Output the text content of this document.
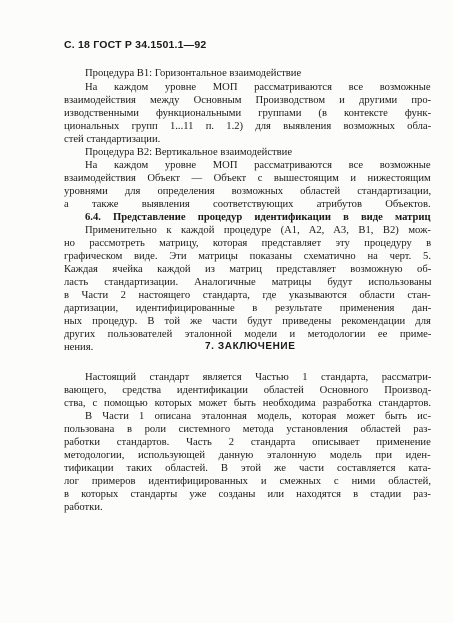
С. 18 ГОСТ Р 34.1501.1—92
Процедура B1: Горизонтальное взаимодействие
На каждом уровне МОП рассматриваются все возможные
взаимодействия между Основным Производством и другими про-
изводственными функциональными группами (в контексте функ-
циональных групп 1...11 п. 1.2) для выявления возможных обла-
стей стандартизации.
Процедура B2: Вертикальное взаимодействие
На каждом уровне МОП рассматриваются все возможные
взаимодействия Объект — Объект с вышестоящим и нижестоящим
уровнями для определения возможных областей стандартизации,
а также выявления соответствующих атрибутов Объектов.
6.4. Представление процедур идентификации в виде матриц
Применительно к каждой процедуре (A1, A2, A3, B1, B2) мож-
но рассмотреть матрицу, которая представляет эту процедуру в
графическом виде. Эти матрицы показаны схематично на черт. 5.
Каждая ячейка каждой из матриц представляет возможную об-
ласть стандартизации. Аналогичные матрицы будут использованы
в Части 2 настоящего стандарта, где указываются области стан-
дартизации, идентифицированные в результате применения дан-
ных процедур. В той же части будут приведены рекомендации для
других пользователей эталонной модели и методологии ее приме-
нения.	7. ЗАКЛЮЧЕНИЕ
Настоящий стандарт является Частью 1 стандарта, рассматри-
вающего, средства идентификации областей Основного Производ-
ства, с помощью которых может быть необходима разработка стандартов.
В Части 1 описана эталонная модель, которая может быть ис-
пользована в роли системного метода установления областей раз-
работки стандартов. Часть 2 стандарта описывает применение
методологии, использующей данную эталонную модель при иден-
тификации таких областей. В этой же части составляется ката-
лог примеров идентифицированных и смежных с ними областей,
в которых стандарты уже созданы или находятся в стадии раз-
работки.
